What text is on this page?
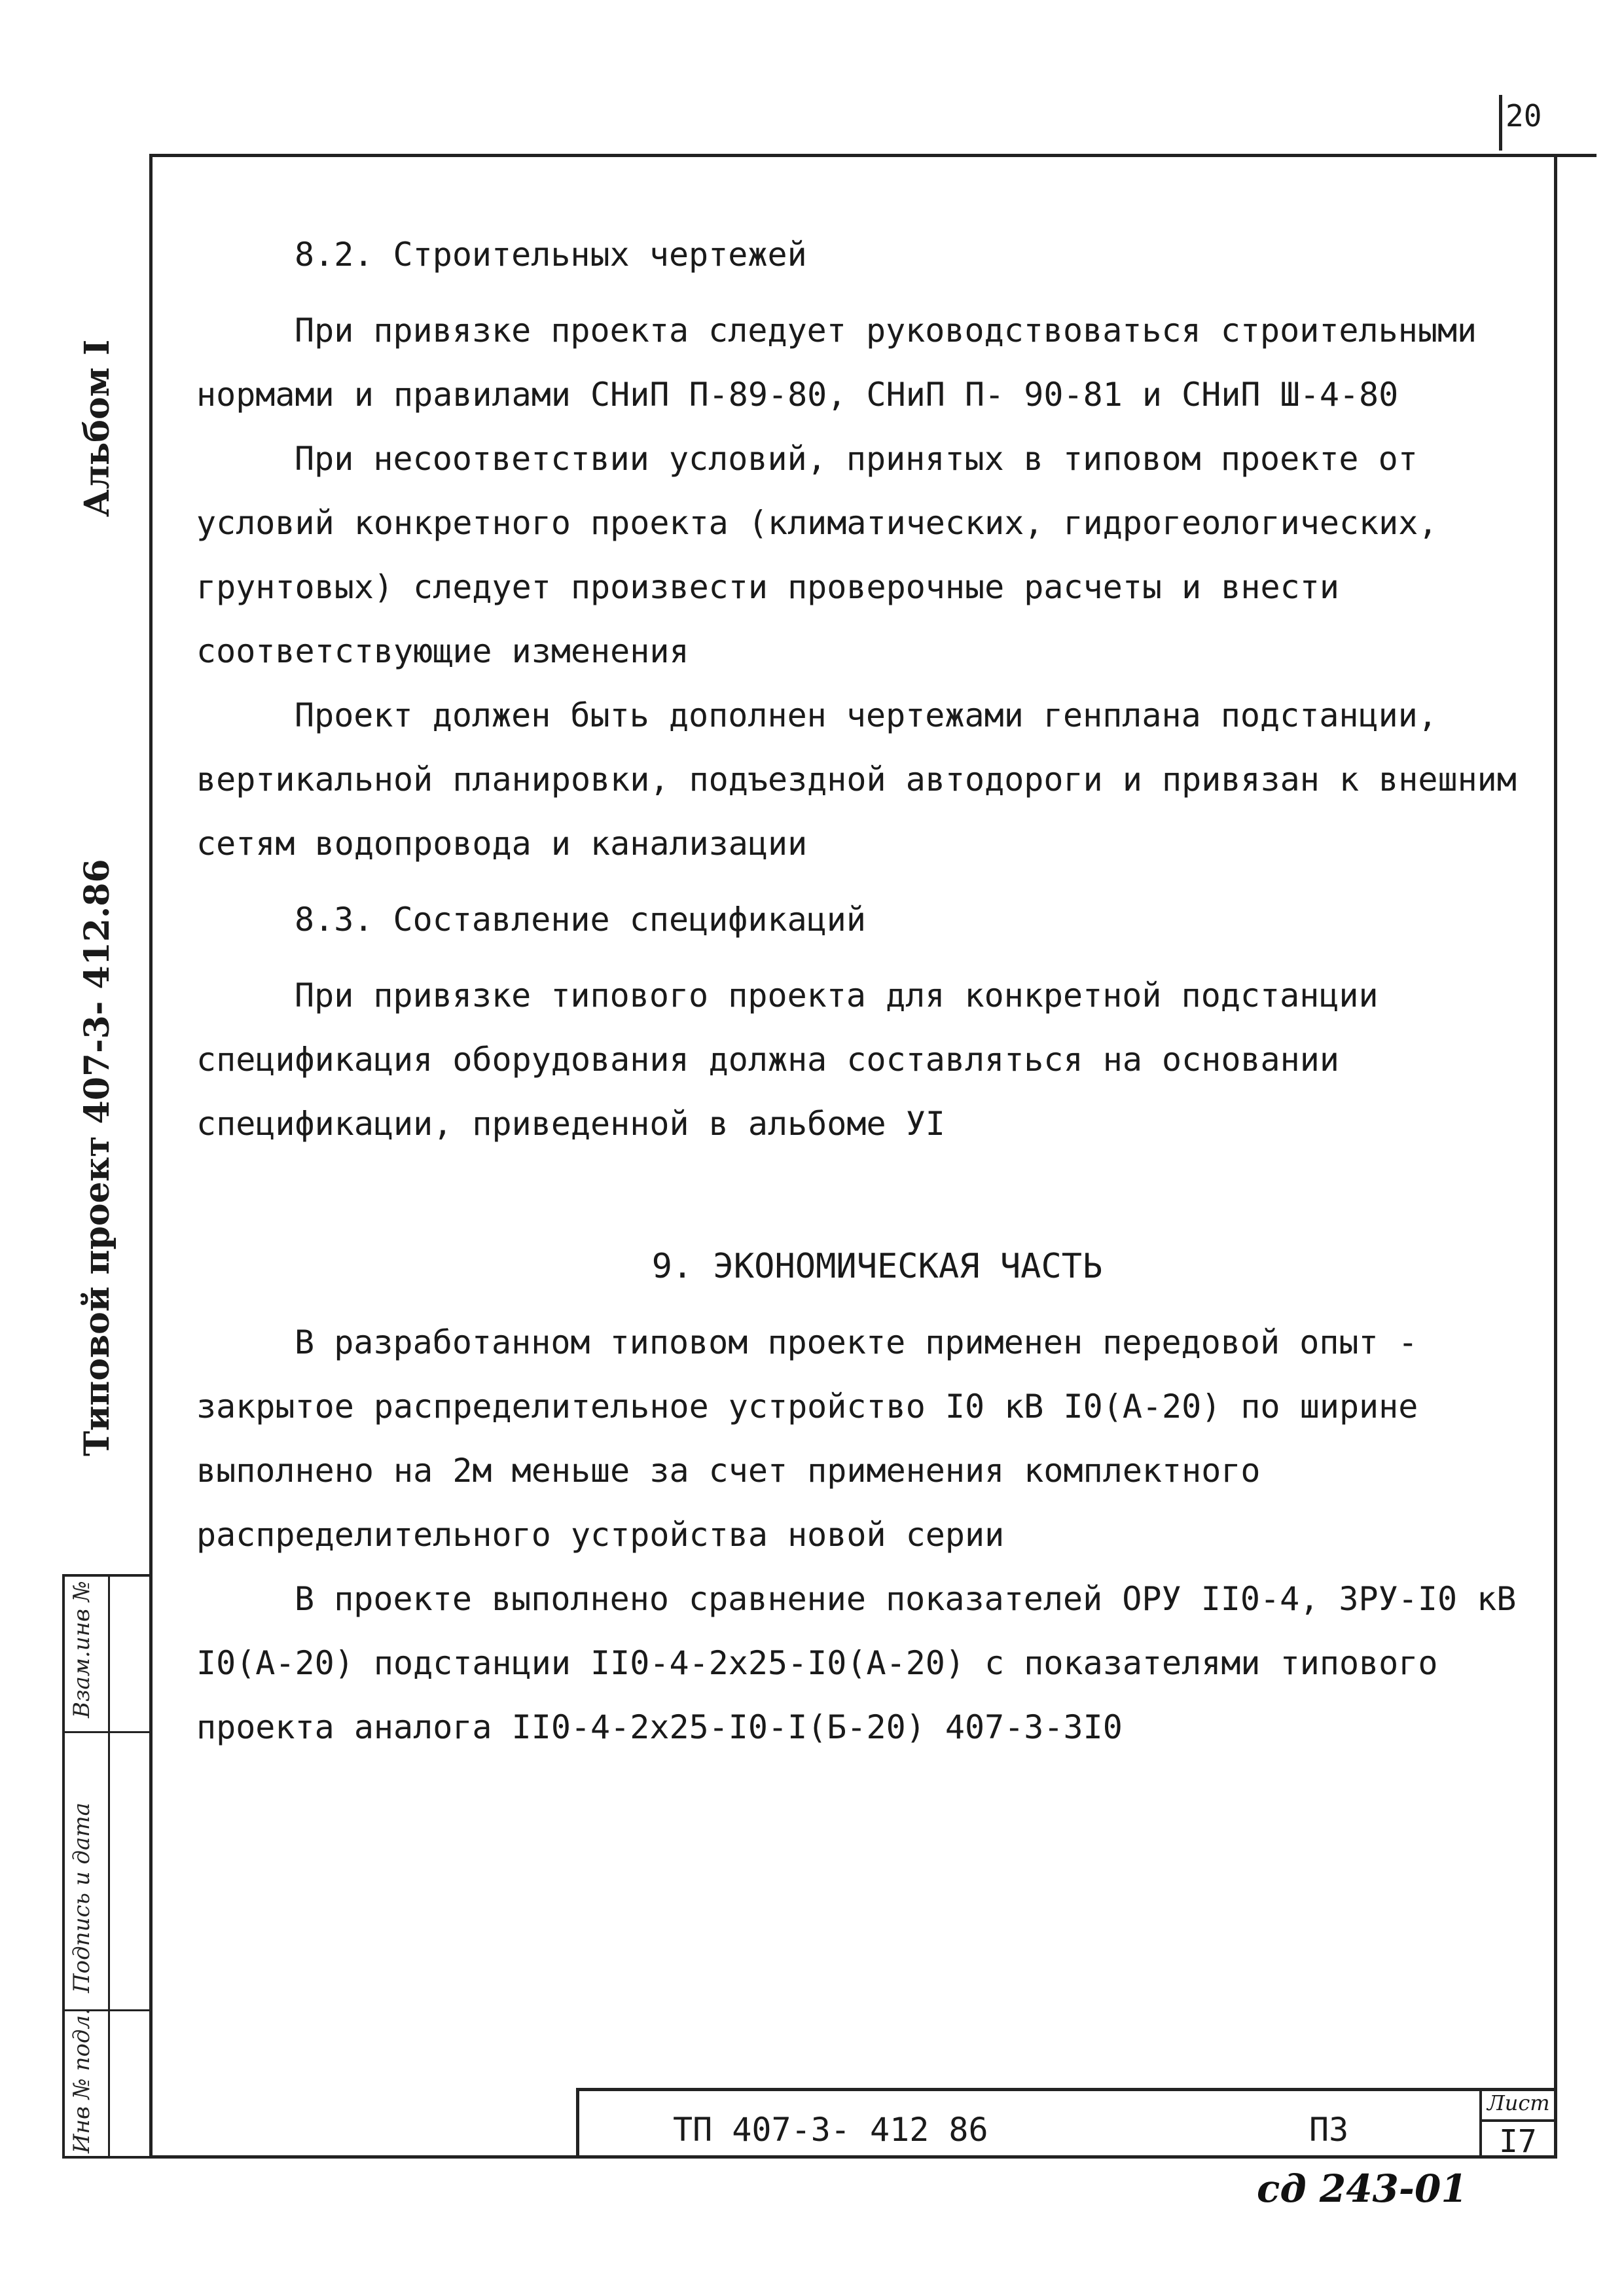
20
Альбом I
Типовой проект 407-3- 412.86
Взам.инв №
Подпись и дата
Инв № подл.

8.2. Строительных чертежей

При привязке проекта следует руководствоваться строительными нормами и правилами СНиП П-89-80, СНиП П- 90-81 и СНиП Ш-4-80

При несоответствии условий, принятых в типовом проекте от условий конкретного проекта (климатических, гидрогеологических, грунтовых) следует произвести проверочные расчеты и внести соответствующие изменения

Проект должен быть дополнен чертежами генплана подстанции, вертикальной планировки, подъездной автодороги и привязан к внешним сетям водопровода и канализации

8.3. Составление спецификаций

При привязке типового проекта для конкретной подстанции спецификация оборудования должна составляться на основании спецификации, приведенной в альбоме УI

9. ЭКОНОМИЧЕСКАЯ ЧАСТЬ

В разработанном типовом проекте применен передовой опыт - закрытое распределительное устройство I0 кВ I0(А-20) по ширине выполнено на 2м меньше за счет применения комплектного распределительного устройства новой серии

В проекте выполнено сравнение показателей ОРУ II0-4, ЗРУ-I0 кВ I0(А-20) подстанции II0-4-2х25-I0(А-20) с показателями типового проекта аналога II0-4-2х25-I0-I(Б-20) 407-3-3I0

ТП 407-3- 412 86	ПЗ
Лист
I7
сд 243-01
